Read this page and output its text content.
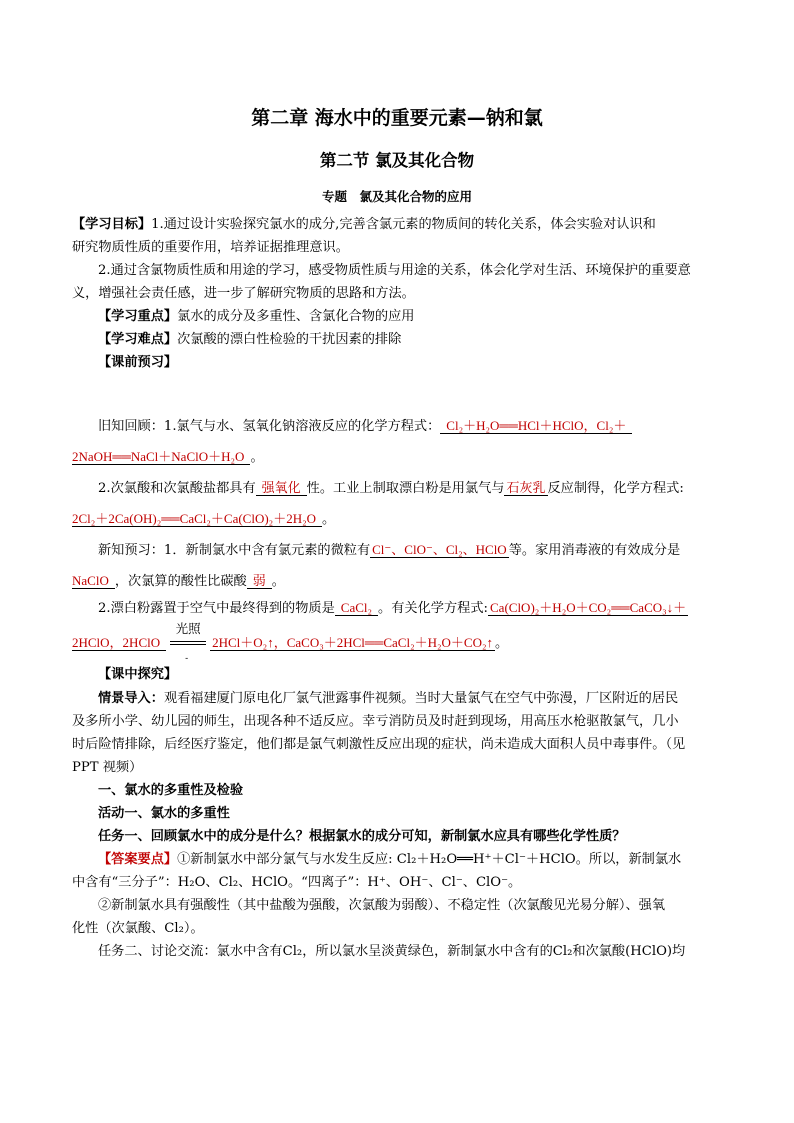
第二章 海水中的重要元素—钠和氯
第二节 氯及其化合物
专题　氯及其化合物的应用
【学习目标】1.通过设计实验探究氯水的成分,完善含氯元素的物质间的转化关系，体会实验对认识和
研究物质性质的重要作用，培养证据推理意识。
2.通过含氯物质性质和用途的学习，感受物质性质与用途的关系，体会化学对生活、环境保护的重要意
义，增强社会责任感，进一步了解研究物质的思路和方法。
【学习重点】氯水的成分及多重性、含氯化合物的应用
【学习难点】次氯酸的漂白性检验的干扰因素的排除
【课前预习】
旧知回顾：1.氯气与水、氢氧化钠溶液反应的化学方程式： Cl₂＋H₂O══HCl＋HClO，Cl₂＋
2NaOH══NaCl＋NaClO＋H₂O 。
2.次氯酸和次氯酸盐都具有 强氧化 性。工业上制取漂白粉是用氯气与 石灰乳 反应制得，化学方程式:
2Cl₂＋2Ca(OH)₂══CaCl₂＋Ca(ClO)₂＋2H₂O 。
新知预习：1．新制氯水中含有氯元素的微粒有 Cl⁻、ClO⁻、Cl₂、HClO 等。家用消毒液的有效成分是
NaClO ，次氯算的酸性比碳酸 弱 。
2.漂白粉露置于空气中最终得到的物质是 CaCl₂ 。有关化学方程式: Ca(ClO)₂＋H₂O＋CO₂══CaCO₃↓＋
2HClO，2HClO $\frac{\text{光照}}{-}$ 2HCl＋O₂↑，CaCO₃＋2HCl══CaCl₂＋H₂O＋CO₂↑ 。
【课中探究】
情景导入：观看福建厦门原电化厂氯气泄露事件视频。当时大量氯气在空气中弥漫，厂区附近的居民
及多所小学、幼儿园的师生，出现各种不适反应。幸亏消防员及时赶到现场，用高压水枪驱散氯气，几小
时后险情排除，后经医疗鉴定，他们都是氯气刺激性反应出现的症状，尚未造成大面积人员中毒事件。（见
PPT 视频）
一、氯水的多重性及检验
活动一、氯水的多重性
任务一、回顾氯水中的成分是什么？根据氯水的成分可知，新制氯水应具有哪些化学性质？
【答案要点】①新制氯水中部分氯气与水发生反应: Cl₂＋H₂O══H⁺＋Cl⁻＋HClO。所以，新制氯水
中含有“三分子”：H₂O、Cl₂、HClO。“四离子”：H⁺、OH⁻、Cl⁻、ClO⁻。
②新制氯水具有强酸性（其中盐酸为强酸，次氯酸为弱酸）、不稳定性（次氯酸见光易分解）、强氧
化性（次氯酸、Cl₂）。
任务二、讨论交流：氯水中含有Cl₂，所以氯水呈淡黄绿色，新制氯水中含有的Cl₂和次氯酸(HClO)均
